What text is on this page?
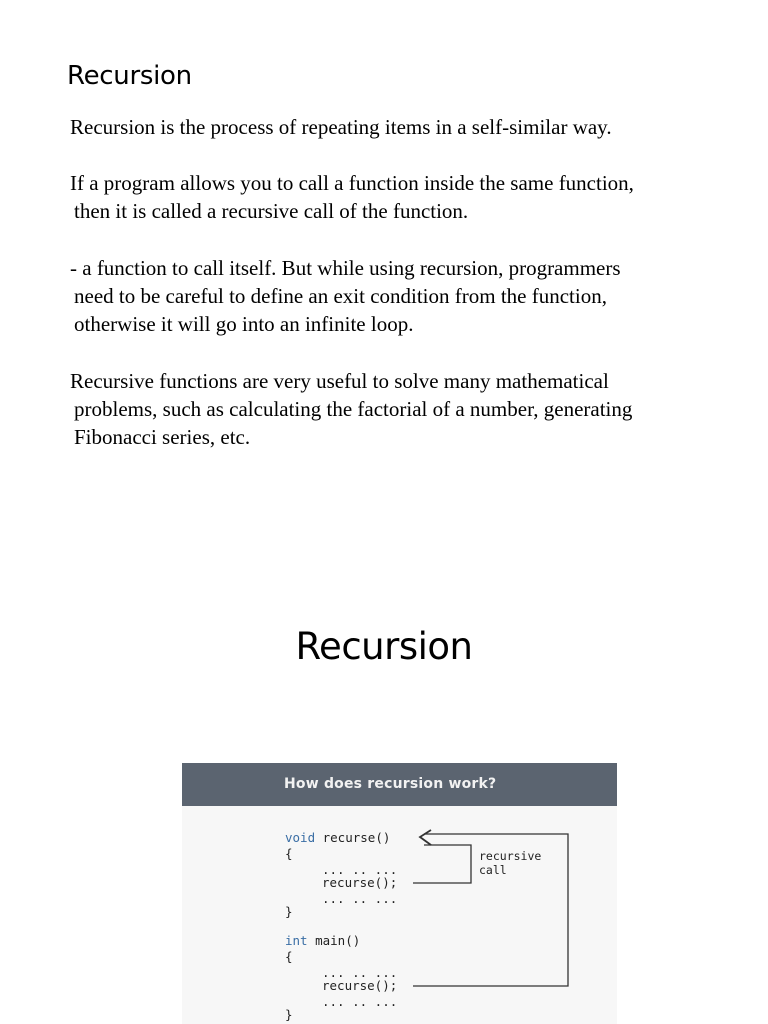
Recursion

Recursion is the process of repeating items in a self-similar way.

If a program allows you to call a function inside the same function,
then it is called a recursive call of the function.

- a function to call itself. But while using recursion, programmers
need to be careful to define an exit condition from the function,
otherwise it will go into an infinite loop.

Recursive functions are very useful to solve many mathematical
problems, such as calculating the factorial of a number, generating
Fibonacci series, etc.

Recursion
How does recursion work?
void recurse()
{
... .. ...
recurse();
... .. ...
}
int main()
{
... .. ...
recurse();
... .. ...
}
recursive
call
